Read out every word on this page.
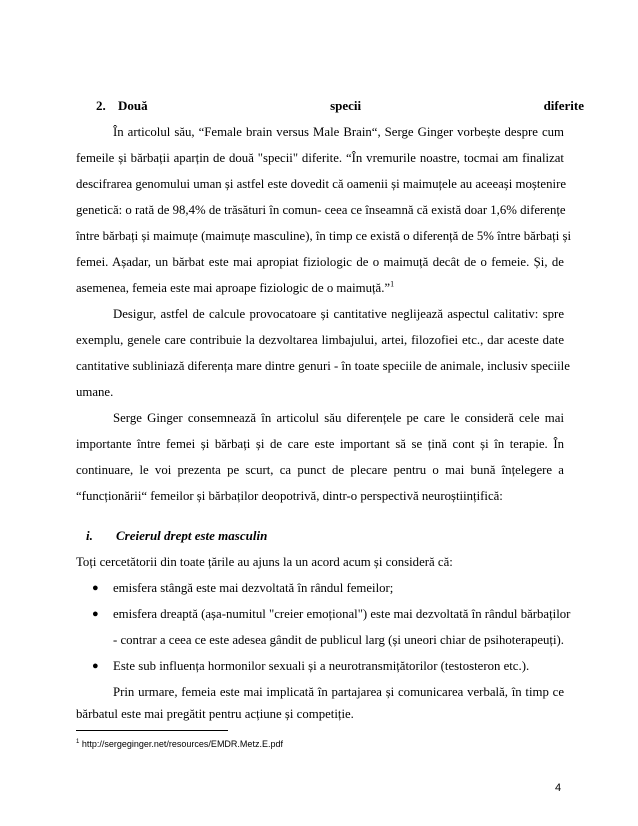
2. Două specii diferite
În articolul său, “Female brain versus Male Brain“, Serge Ginger vorbește despre cum
femeile și bărbații aparțin de două "specii" diferite. “În vremurile noastre, tocmai am finalizat
descifrarea genomului uman și astfel este dovedit că oamenii și maimuțele au aceeași moștenire
genetică: o rată de 98,4% de trăsături în comun- ceea ce înseamnă că există doar 1,6% diferențe
între bărbați și maimuțe (maimuțe masculine), în timp ce există o diferență de 5% între bărbați și
femei. Așadar, un bărbat este mai apropiat fiziologic de o maimuță decât de o femeie. Și, de
asemenea, femeia este mai aproape fiziologic de o maimuță.”$^1$
Desigur, astfel de calcule provocatoare și cantitative neglijează aspectul calitativ: spre
exemplu, genele care contribuie la dezvoltarea limbajului, artei, filozofiei etc., dar aceste date
cantitative subliniază diferența mare dintre genuri - în toate speciile de animale, inclusiv speciile
umane.
Serge Ginger consemnează în articolul său diferențele pe care le consideră cele mai
importante între femei și bărbați și de care este important să se țină cont și în terapie. În
continuare, le voi prezenta pe scurt, ca punct de plecare pentru o mai bună înțelegere a
“funcționării“ femeilor și bărbaților deopotrivă, dintr-o perspectivă neuroștiințifică:
i. Creierul drept este masculin
Toți cercetătorii din toate țările au ajuns la un acord acum și consideră că:
● emisfera stângă este mai dezvoltată în rândul femeilor;
● emisfera dreaptă (așa-numitul "creier emoțional") este mai dezvoltată în rândul bărbaților
- contrar a ceea ce este adesea gândit de publicul larg (și uneori chiar de psihoterapeuți).
● Este sub influența hormonilor sexuali și a neurotransmițătorilor (testosteron etc.).
Prin urmare, femeia este mai implicată în partajarea și comunicarea verbală, în timp ce
bărbatul este mai pregătit pentru acțiune și competiție.
$^1$ http://sergeginger.net/resources/EMDR.Metz.E.pdf
4
